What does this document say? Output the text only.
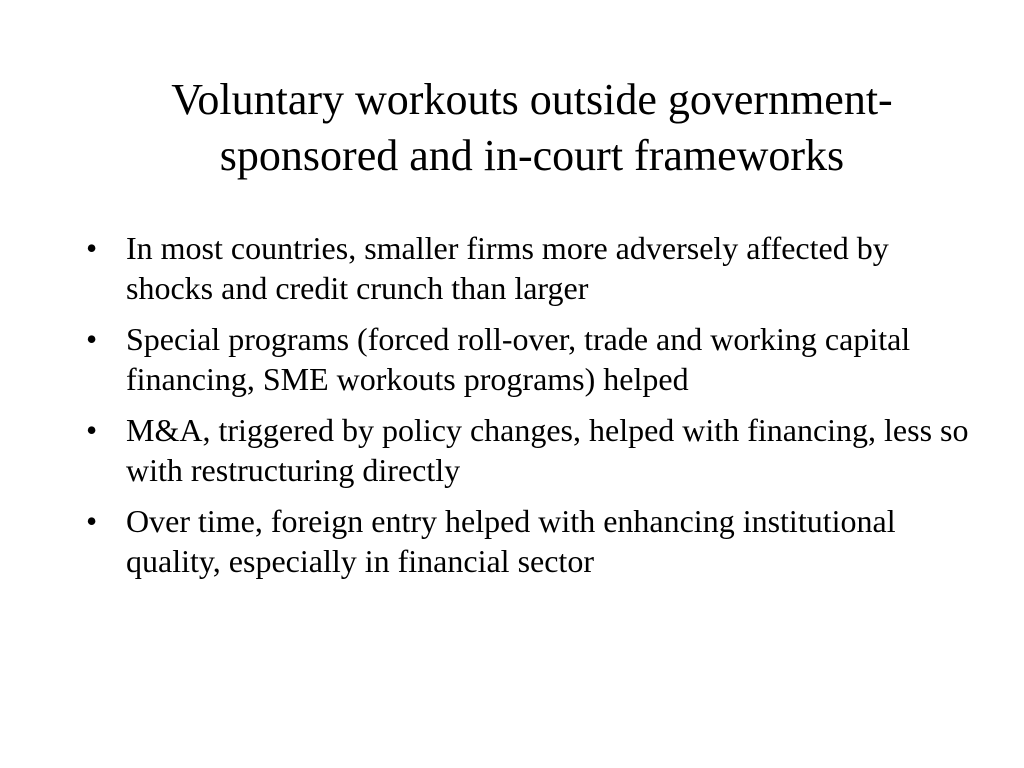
Voluntary workouts outside government-sponsored and in-court frameworks
• In most countries, smaller firms more adversely affected by shocks and credit crunch than larger
• Special programs (forced roll-over, trade and working capital financing, SME workouts programs) helped
• M&A, triggered by policy changes, helped with financing, less so with restructuring directly
• Over time, foreign entry helped with enhancing institutional quality, especially in financial sector
